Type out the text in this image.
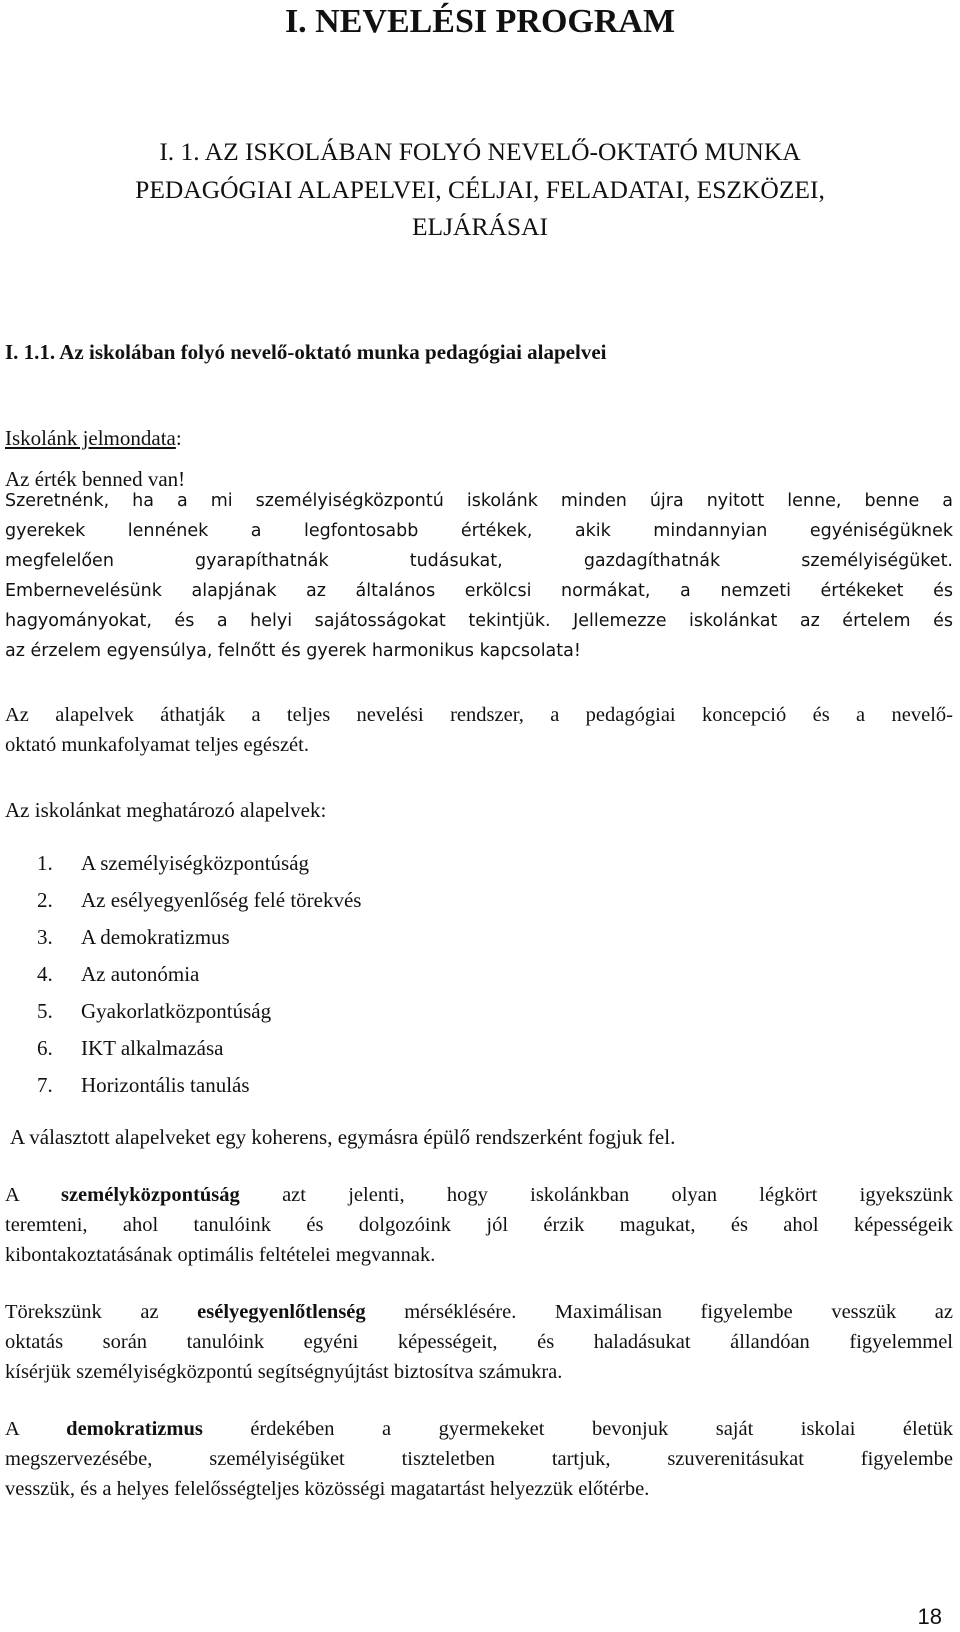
I. NEVELÉSI PROGRAM
I. 1. AZ ISKOLÁBAN FOLYÓ NEVELŐ-OKTATÓ MUNKA
PEDAGÓGIAI ALAPELVEI, CÉLJAI, FELADATAI, ESZKÖZEI,
ELJÁRÁSAI
I. 1.1. Az iskolában folyó nevelő-oktató munka pedagógiai alapelvei

Iskolánk jelmondata:

Az érték benned van!

Szeretnénk, ha a mi személyiségközpontú iskolánk minden újra nyitott lenne, benne a
gyerekek lennének a legfontosabb értékek, akik mindannyian egyéniségüknek
megfelelően gyarapíthatnák tudásukat, gazdagíthatnák személyiségüket.
Embernevelésünk alapjának az általános erkölcsi normákat, a nemzeti értékeket és
hagyományokat, és a helyi sajátosságokat tekintjük. Jellemezze iskolánkat az értelem és
az érzelem egyensúlya, felnőtt és gyerek harmonikus kapcsolata!

Az alapelvek áthatják a teljes nevelési rendszer, a pedagógiai koncepció és a nevelő-
oktató munkafolyamat teljes egészét.

Az iskolánkat meghatározó alapelvek:

1. A személyiségközpontúság
2. Az esélyegyenlőség felé törekvés
3. A demokratizmus
4. Az autonómia
5. Gyakorlatközpontúság
6. IKT alkalmazása
7. Horizontális tanulás

A választott alapelveket egy koherens, egymásra épülő rendszerként fogjuk fel.

A személyközpontúság azt jelenti, hogy iskolánkban olyan légkört igyekszünk
teremteni, ahol tanulóink és dolgozóink jól érzik magukat, és ahol képességeik
kibontakoztatásának optimális feltételei megvannak.

Törekszünk az esélyegyenlőtlenség mérséklésére. Maximálisan figyelembe vesszük az
oktatás során tanulóink egyéni képességeit, és haladásukat állandóan figyelemmel
kísérjük személyiségközpontú segítségnyújtást biztosítva számukra.

A demokratizmus érdekében a gyermekeket bevonjuk saját iskolai életük
megszervezésébe, személyiségüket tiszteletben tartjuk, szuverenitásukat figyelembe
vesszük, és a helyes felelősségteljes közösségi magatartást helyezzük előtérbe.

18
